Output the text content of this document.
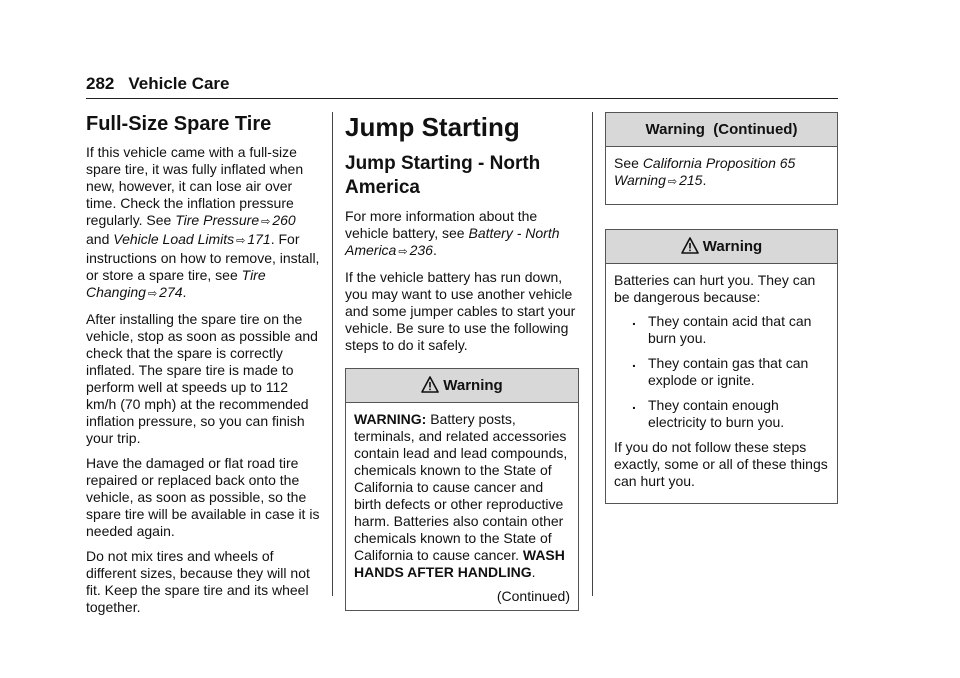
282 Vehicle Care
Full-Size Spare Tire

If this vehicle came with a full-size spare tire, it was fully inflated when new, however, it can lose air over time. Check the inflation pressure regularly. See Tire Pressure ⇨ 260 and Vehicle Load Limits ⇨ 171. For instructions on how to remove, install, or store a spare tire, see Tire Changing ⇨ 274.

After installing the spare tire on the vehicle, stop as soon as possible and check that the spare is correctly inflated. The spare tire is made to perform well at speeds up to 112 km/h (70 mph) at the recommended inflation pressure, so you can finish your trip.

Have the damaged or flat road tire repaired or replaced back onto the vehicle, as soon as possible, so the spare tire will be available in case it is needed again.

Do not mix tires and wheels of different sizes, because they will not fit. Keep the spare tire and its wheel together.

Jump Starting
Jump Starting - North America

For more information about the vehicle battery, see Battery - North America ⇨ 236.

If the vehicle battery has run down, you may want to use another vehicle and some jumper cables to start your vehicle. Be sure to use the following steps to do it safely.

Warning

WARNING: Battery posts, terminals, and related accessories contain lead and lead compounds, chemicals known to the State of California to cause cancer and birth defects or other reproductive harm. Batteries also contain other chemicals known to the State of California to cause cancer. WASH HANDS AFTER HANDLING.

(Continued)
Warning  (Continued)

See California Proposition 65 Warning ⇨ 215.

Warning

Batteries can hurt you. They can be dangerous because:

. They contain acid that can burn you.
. They contain gas that can explode or ignite.
. They contain enough electricity to burn you.

If you do not follow these steps exactly, some or all of these things can hurt you.
